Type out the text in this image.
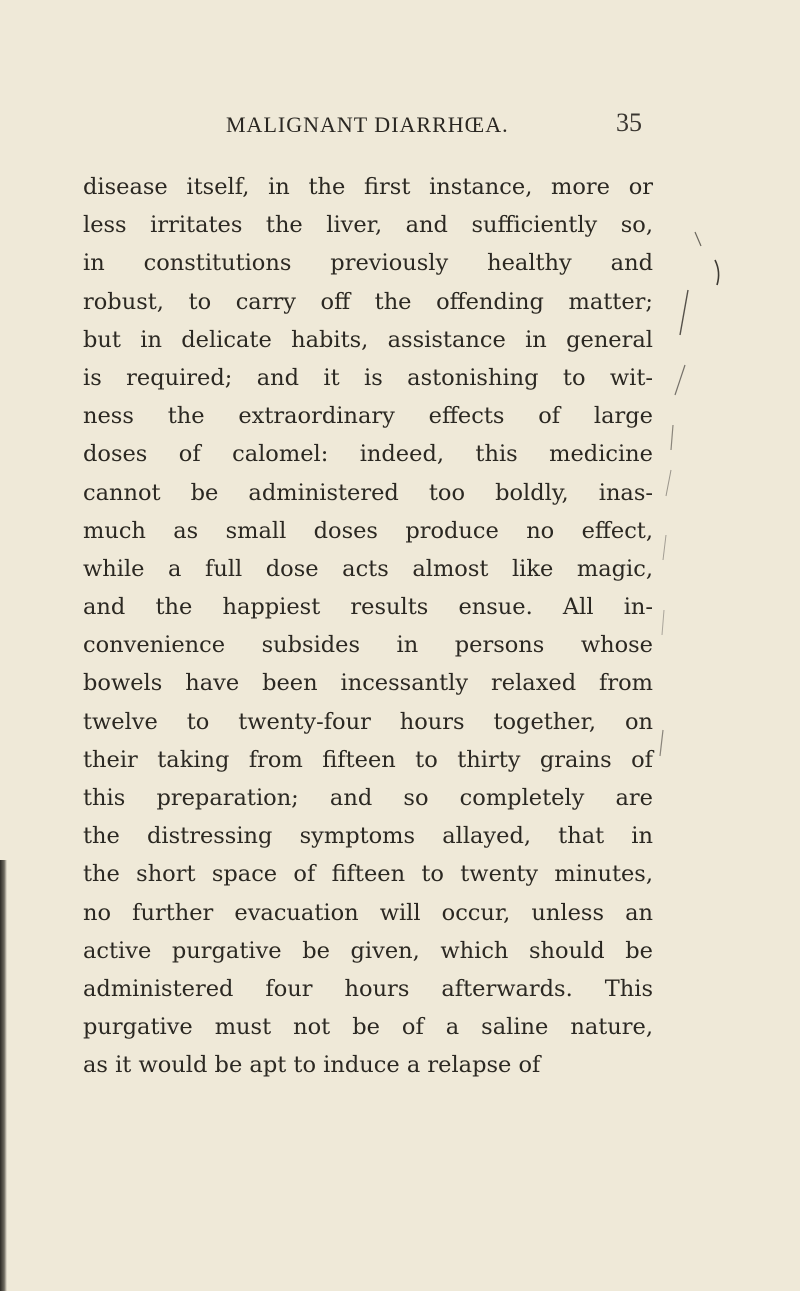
MALIGNANT DIARRHŒA.	35
disease itself, in the first instance, more or
less irritates the liver, and sufficiently so,
in constitutions previously healthy and
robust, to carry off the offending matter;
but in delicate habits, assistance in general
is required; and it is astonishing to wit-
ness the extraordinary effects of large
doses of calomel: indeed, this medicine
cannot be administered too boldly, inas-
much as small doses produce no effect,
while a full dose acts almost like magic,
and the happiest results ensue. All in-
convenience subsides in persons whose
bowels have been incessantly relaxed from
twelve to twenty-four hours together, on
their taking from fifteen to thirty grains of
this preparation; and so completely are
the distressing symptoms allayed, that in
the short space of fifteen to twenty minutes,
no further evacuation will occur, unless an
active purgative be given, which should be
administered four hours afterwards. This
purgative must not be of a saline nature,
as it would be apt to induce a relapse of
